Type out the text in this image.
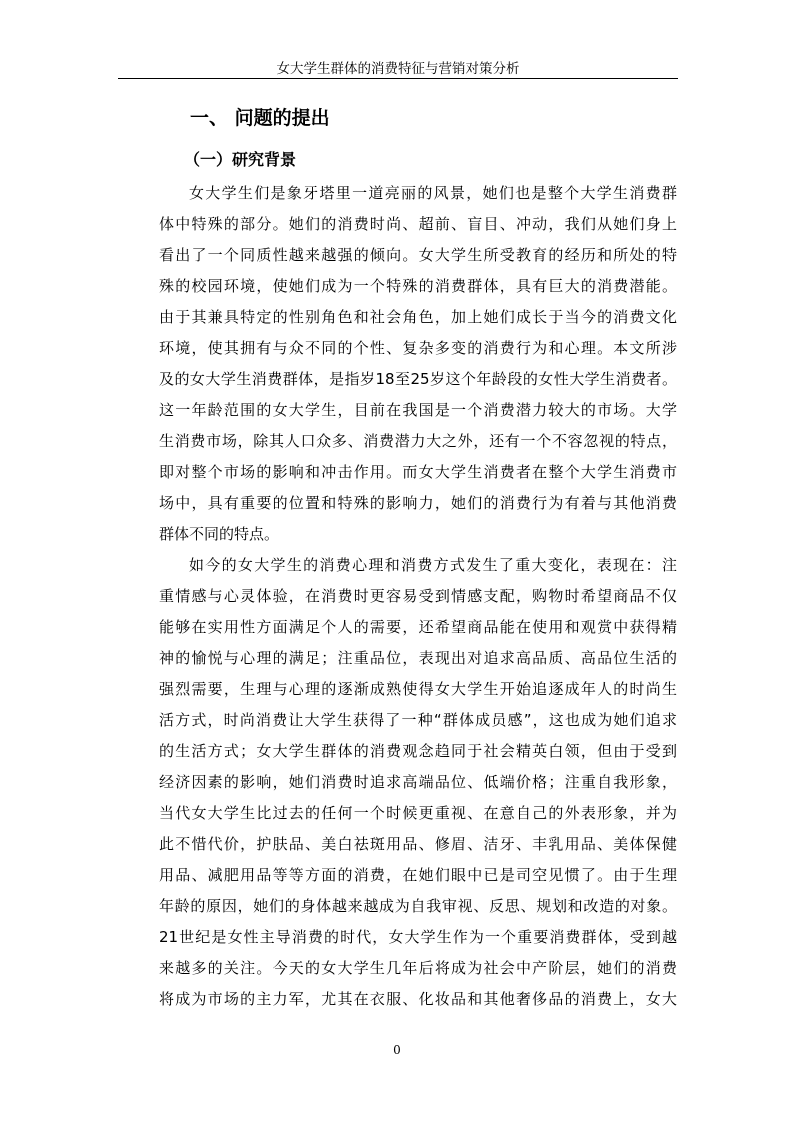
女大学生群体的消费特征与营销对策分析
一、 问题的提出
（一）研究背景
女大学生们是象牙塔里一道亮丽的风景，她们也是整个大学生消费群
体中特殊的部分。她们的消费时尚、超前、盲目、冲动，我们从她们身上
看出了一个同质性越来越强的倾向。女大学生所受教育的经历和所处的特
殊的校园环境，使她们成为一个特殊的消费群体，具有巨大的消费潜能。
由于其兼具特定的性别角色和社会角色，加上她们成长于当今的消费文化
环境，使其拥有与众不同的个性、复杂多变的消费行为和心理。本文所涉
及的女大学生消费群体，是指岁18至25岁这个年龄段的女性大学生消费者。
这一年龄范围的女大学生，目前在我国是一个消费潜力较大的市场。大学
生消费市场，除其人口众多、消费潜力大之外，还有一个不容忽视的特点，
即对整个市场的影响和冲击作用。而女大学生消费者在整个大学生消费市
场中，具有重要的位置和特殊的影响力，她们的消费行为有着与其他消费
群体不同的特点。
如今的女大学生的消费心理和消费方式发生了重大变化，表现在：注
重情感与心灵体验，在消费时更容易受到情感支配，购物时希望商品不仅
能够在实用性方面满足个人的需要，还希望商品能在使用和观赏中获得精
神的愉悦与心理的满足；注重品位，表现出对追求高品质、高品位生活的
强烈需要，生理与心理的逐渐成熟使得女大学生开始追逐成年人的时尚生
活方式，时尚消费让大学生获得了一种“群体成员感”，这也成为她们追求
的生活方式；女大学生群体的消费观念趋同于社会精英白领，但由于受到
经济因素的影响，她们消费时追求高端品位、低端价格；注重自我形象，
当代女大学生比过去的任何一个时候更重视、在意自己的外表形象，并为
此不惜代价，护肤品、美白祛斑用品、修眉、洁牙、丰乳用品、美体保健
用品、减肥用品等等方面的消费，在她们眼中已是司空见惯了。由于生理
年龄的原因，她们的身体越来越成为自我审视、反思、规划和改造的对象。
21世纪是女性主导消费的时代，女大学生作为一个重要消费群体，受到越
来越多的关注。今天的女大学生几年后将成为社会中产阶层，她们的消费
将成为市场的主力军，尤其在衣服、化妆品和其他奢侈品的消费上，女大
0
